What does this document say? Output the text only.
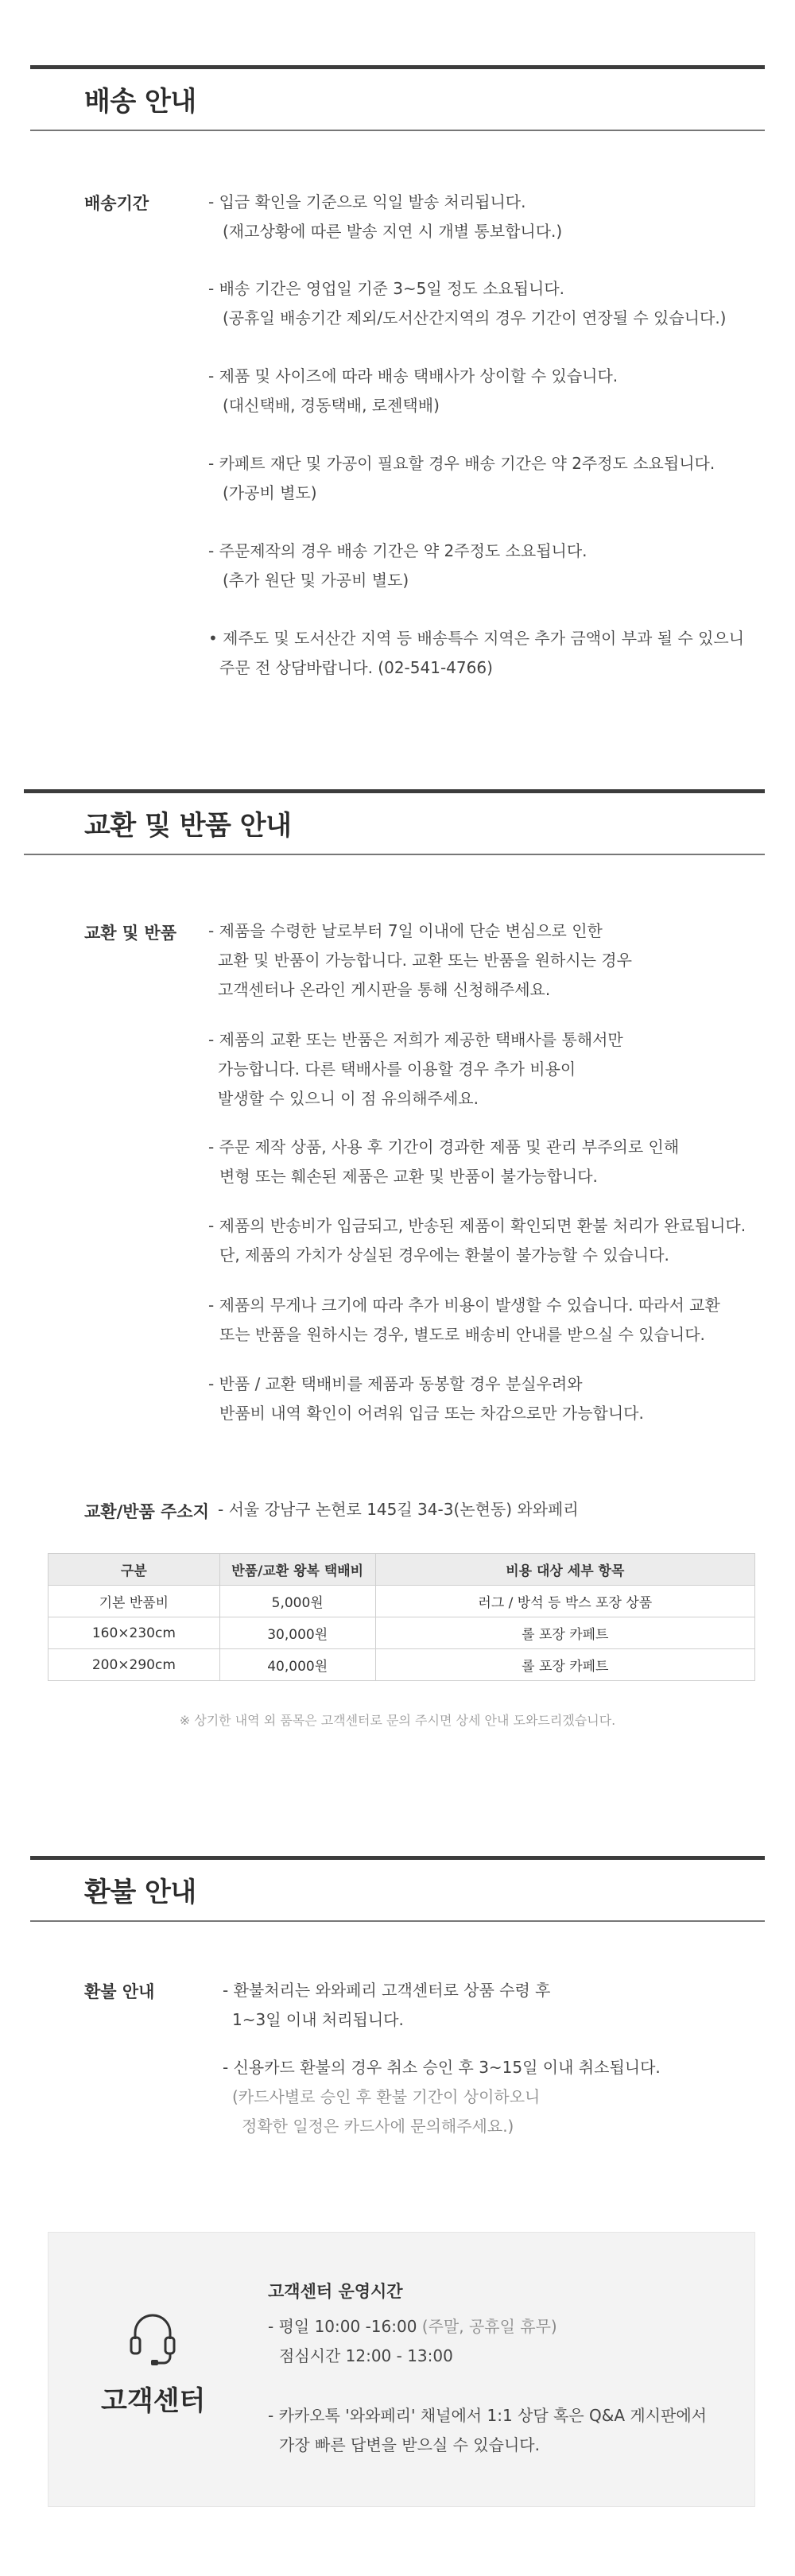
배송 안내
배송기간	- 입금 확인을 기준으로 익일 발송 처리됩니다.
(재고상황에 따른 발송 지연 시 개별 통보합니다.)
- 배송 기간은 영업일 기준 3~5일 정도 소요됩니다.
(공휴일 배송기간 제외/도서산간지역의 경우 기간이 연장될 수 있습니다.)
- 제품 및 사이즈에 따라 배송 택배사가 상이할 수 있습니다.
(대신택배, 경동택배, 로젠택배)
- 카페트 재단 및 가공이 필요할 경우 배송 기간은 약 2주정도 소요됩니다.
(가공비 별도)
- 주문제작의 경우 배송 기간은 약 2주정도 소요됩니다.
(추가 원단 및 가공비 별도)
• 제주도 및 도서산간 지역 등 배송특수 지역은 추가 금액이 부과 될 수 있으니
주문 전 상담바랍니다. (02-541-4766)
교환 및 반품 안내
교환 및 반품 - 제품을 수령한 날로부터 7일 이내에 단순 변심으로 인한
교환 및 반품이 가능합니다. 교환 또는 반품을 원하시는 경우
고객센터나 온라인 게시판을 통해 신청해주세요.
- 제품의 교환 또는 반품은 저희가 제공한 택배사를 통해서만
가능합니다. 다른 택배사를 이용할 경우 추가 비용이
발생할 수 있으니 이 점 유의해주세요.
- 주문 제작 상품, 사용 후 기간이 경과한 제품 및 관리 부주의로 인해
변형 또는 훼손된 제품은 교환 및 반품이 불가능합니다.
- 제품의 반송비가 입금되고, 반송된 제품이 확인되면 환불 처리가 완료됩니다.
단, 제품의 가치가 상실된 경우에는 환불이 불가능할 수 있습니다.
- 제품의 무게나 크기에 따라 추가 비용이 발생할 수 있습니다. 따라서 교환
또는 반품을 원하시는 경우, 별도로 배송비 안내를 받으실 수 있습니다.
- 반품 / 교환 택배비를 제품과 동봉할 경우 분실우려와
반품비 내역 확인이 어려워 입금 또는 차감으로만 가능합니다.
교환/반품 주소지 - 서울 강남구 논현로 145길 34-3(논현동) 와와페리
구분	반품/교환 왕복 택배비	비용 대상 세부 항목
기본 반품비	5,000원	러그 / 방석 등 박스 포장 상품
160×230cm	30,000원	롤 포장 카페트
200×290cm	40,000원	롤 포장 카페트
※ 상기한 내역 외 품목은 고객센터로 문의 주시면 상세 안내 도와드리겠습니다.
환불 안내
환불 안내	- 환불처리는 와와페리 고객센터로 상품 수령 후
1~3일 이내 처리됩니다.
- 신용카드 환불의 경우 취소 승인 후 3~15일 이내 취소됩니다.
(카드사별로 승인 후 환불 기간이 상이하오니
정확한 일정은 카드사에 문의해주세요.)
고객센터
고객센터 운영시간
- 평일 10:00 -16:00 (주말, 공휴일 휴무)
점심시간 12:00 - 13:00
- 카카오톡 '와와페리' 채널에서 1:1 상담 혹은 Q&A 게시판에서
가장 빠른 답변을 받으실 수 있습니다.
